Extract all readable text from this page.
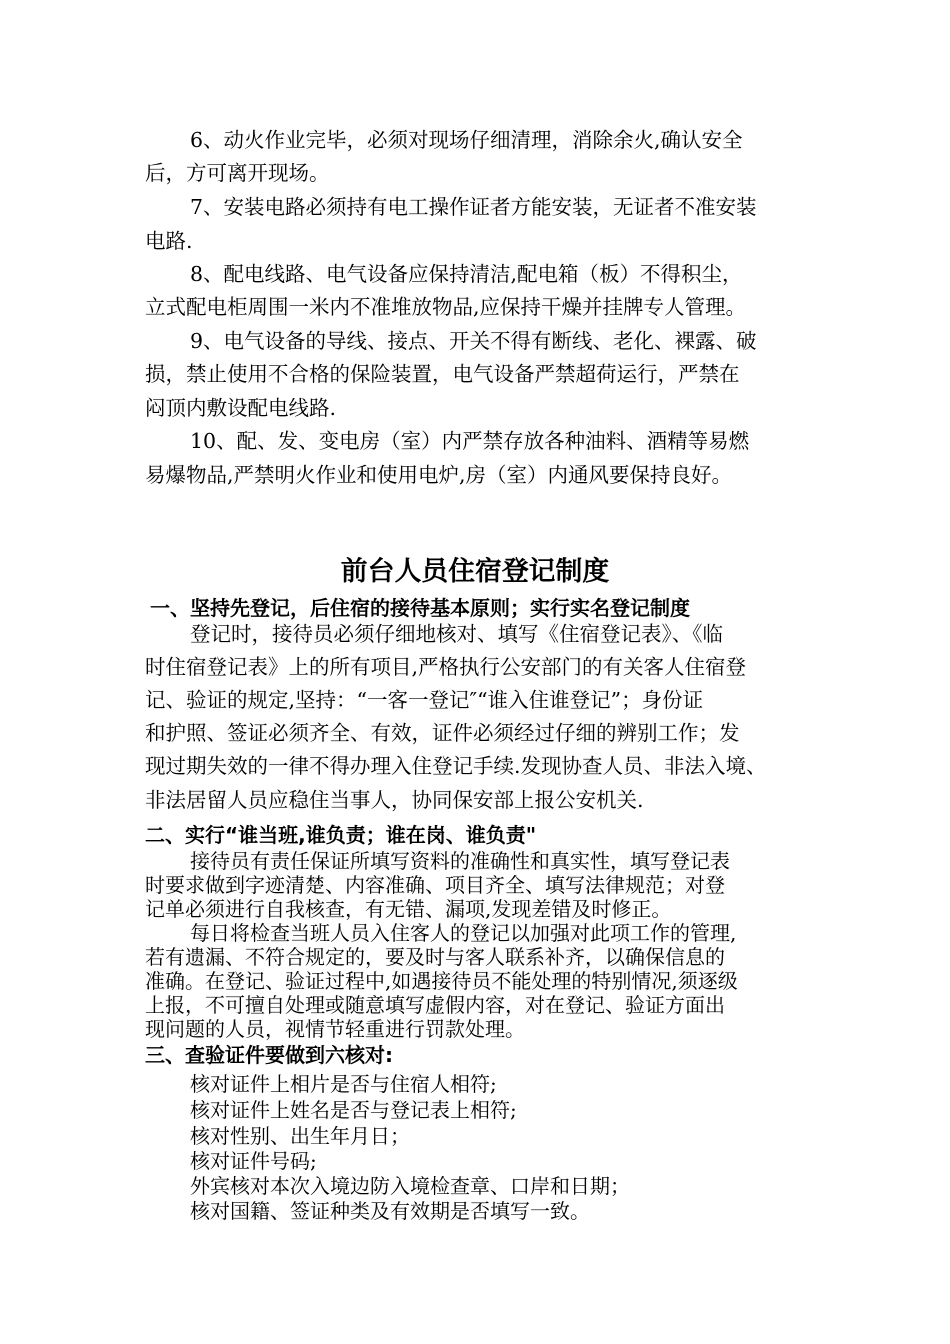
6、动火作业完毕，必须对现场仔细清理，消除余火,确认安全

后，方可离开现场。

7、安装电路必须持有电工操作证者方能安装，无证者不准安装

电路.

8、配电线路、电气设备应保持清洁,配电箱（板）不得积尘，

立式配电柜周围一米内不准堆放物品,应保持干燥并挂牌专人管理。

9、电气设备的导线、接点、开关不得有断线、老化、裸露、破

损，禁止使用不合格的保险装置，电气设备严禁超荷运行，严禁在

闷顶内敷设配电线路.

10、配、发、变电房（室）内严禁存放各种油料、酒精等易燃

易爆物品,严禁明火作业和使用电炉,房（室）内通风要保持良好。

前台人员住宿登记制度
一、坚持先登记，后住宿的接待基本原则；实行实名登记制度

登记时，接待员必须仔细地核对、填写《住宿登记表》、《临

时住宿登记表》上的所有项目,严格执行公安部门的有关客人住宿登

记、验证的规定,坚持：“一客一登记″“谁入住谁登记”；身份证

和护照、签证必须齐全、有效，证件必须经过仔细的辨别工作；发

现过期失效的一律不得办理入住登记手续.发现协查人员、非法入境、

非法居留人员应稳住当事人，协同保安部上报公安机关.

二、实行“谁当班,谁负责；谁在岗、谁负责"

接待员有责任保证所填写资料的准确性和真实性，填写登记表

时要求做到字迹清楚、内容准确、项目齐全、填写法律规范；对登

记单必须进行自我核查，有无错、漏项,发现差错及时修正。

每日将检查当班人员入住客人的登记以加强对此项工作的管理,

若有遗漏、不符合规定的，要及时与客人联系补齐，以确保信息的

准确。在登记、验证过程中,如遇接待员不能处理的特别情况,须逐级

上报，不可擅自处理或随意填写虚假内容，对在登记、验证方面出

现问题的人员，视情节轻重进行罚款处理。

三、查验证件要做到六核对:

核对证件上相片是否与住宿人相符;

核对证件上姓名是否与登记表上相符;

核对性别、出生年月日；

核对证件号码;

外宾核对本次入境边防入境检查章、口岸和日期；

核对国籍、签证种类及有效期是否填写一致。
